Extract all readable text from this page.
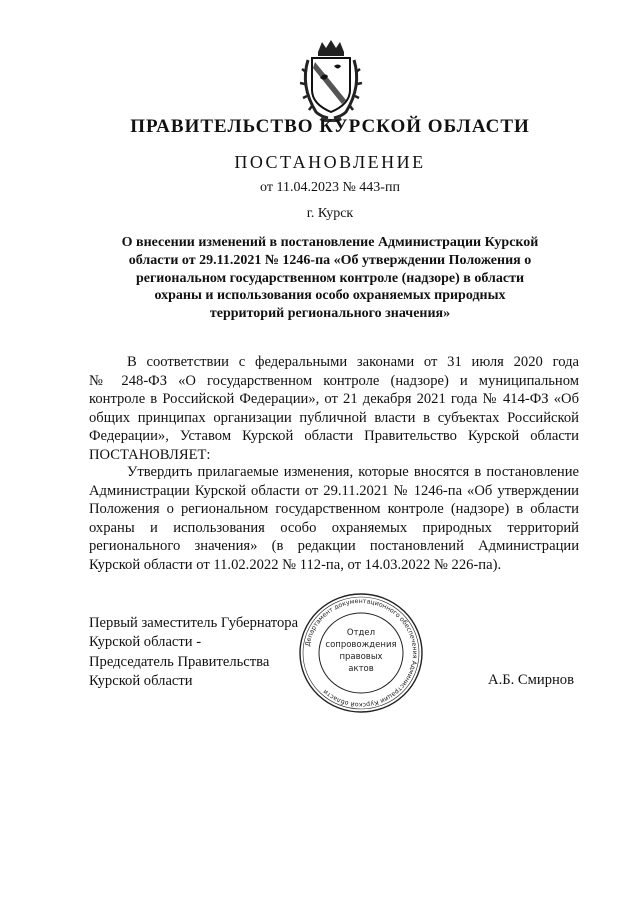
ПРАВИТЕЛЬСТВО КУРСКОЙ ОБЛАСТИ
ПОСТАНОВЛЕНИЕ
от 11.04.2023 № 443-пп
г. Курск
О внесении изменений в постановление Администрации Курской
области от 29.11.2021 № 1246-па «Об утверждении Положения о
региональном государственном контроле (надзоре) в области
охраны и использования особо охраняемых природных
территорий регионального значения»
В соответствии с федеральными законами от 31 июля 2020 года
№ 248-ФЗ «О государственном контроле (надзоре) и муниципальном
контроле в Российской Федерации», от 21 декабря 2021 года № 414-ФЗ «Об
общих принципах организации публичной власти в субъектах Российской
Федерации», Уставом Курской области Правительство Курской области
ПОСТАНОВЛЯЕТ:
Утвердить прилагаемые изменения, которые вносятся в постановление
Администрации Курской области от 29.11.2021 № 1246-па «Об утверждении
Положения о региональном государственном контроле (надзоре) в области
охраны и использования особо охраняемых природных территорий
регионального значения» (в редакции постановлений Администрации
Курской области от 11.02.2022 № 112-па, от 14.03.2022 № 226-па).
Первый заместитель Губернатора
Курской области -
Председатель Правительства
Курской области	А.Б. Смирнов
Департамент документационного обеспечения Администрации Курской области
Отдел
сопровождения
правовых
актов
